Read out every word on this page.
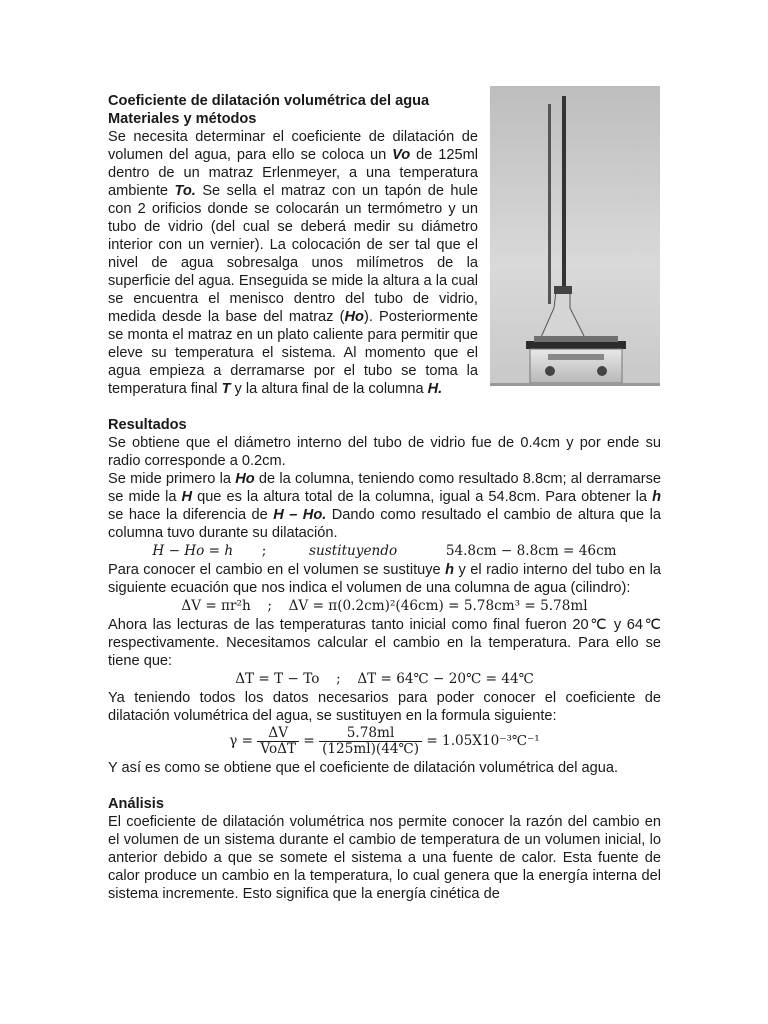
Coeficiente de dilatación volumétrica del agua
Materiales y métodos

Se necesita determinar el coeficiente de dilatación de volumen del agua, para ello se coloca un Vo de 125ml dentro de un matraz Erlenmeyer, a una temperatura ambiente To. Se sella el matraz con un tapón de hule con 2 orificios donde se colocarán un termómetro y un tubo de vidrio (del cual se deberá medir su diámetro interior con un vernier). La colocación de ser tal que el nivel de agua sobresalga unos milímetros de la superficie del agua. Enseguida se mide la altura a la cual se encuentra el menisco dentro del tubo de vidrio, medida desde la base del matraz (Ho). Posteriormente se monta el matraz en un plato caliente para permitir que eleve su temperatura el sistema. Al momento que el agua empieza a derramarse por el tubo se toma la temperatura final T y la altura final de la columna H.

Resultados

Se obtiene que el diámetro interno del tubo de vidrio fue de 0.4cm y por ende su radio corresponde a 0.2cm.

Se mide primero la Ho de la columna, teniendo como resultado 8.8cm; al derramarse se mide la H que es la altura total de la columna, igual a 54.8cm. Para obtener la h se hace la diferencia de H – Ho. Dando como resultado el cambio de altura que la columna tuvo durante su dilatación.

H − Ho = h ;	sustituyendo	54.8cm − 8.8cm = 46cm

Para conocer el cambio en el volumen se sustituye h y el radio interno del tubo en la siguiente ecuación que nos indica el volumen de una columna de agua (cilindro):

ΔV = πr²h ; ΔV = π(0.2cm)²(46cm) = 5.78cm³ = 5.78ml

Ahora las lecturas de las temperaturas tanto inicial como final fueron 20℃ y 64℃ respectivamente. Necesitamos calcular el cambio en la temperatura. Para ello se tiene que:

ΔT = T − To ; ΔT = 64℃ − 20℃ = 44℃

Ya teniendo todos los datos necesarios para poder conocer el coeficiente de dilatación volumétrica del agua, se sustituyen en la formula siguiente:

$\gamma = \frac{\Delta V}{\text{VoΔT}} = \frac{5.78ml}{(125ml)(44℃)}$ = 1.05X10⁻³℃⁻¹

Y así es como se obtiene que el coeficiente de dilatación volumétrica del agua.

Análisis

El coeficiente de dilatación volumétrica nos permite conocer la razón del cambio en el volumen de un sistema durante el cambio de temperatura de un volumen inicial, lo anterior debido a que se somete el sistema a una fuente de calor. Esta fuente de calor produce un cambio en la temperatura, lo cual genera que la energía interna del sistema incremente. Esto significa que la energía cinética de
